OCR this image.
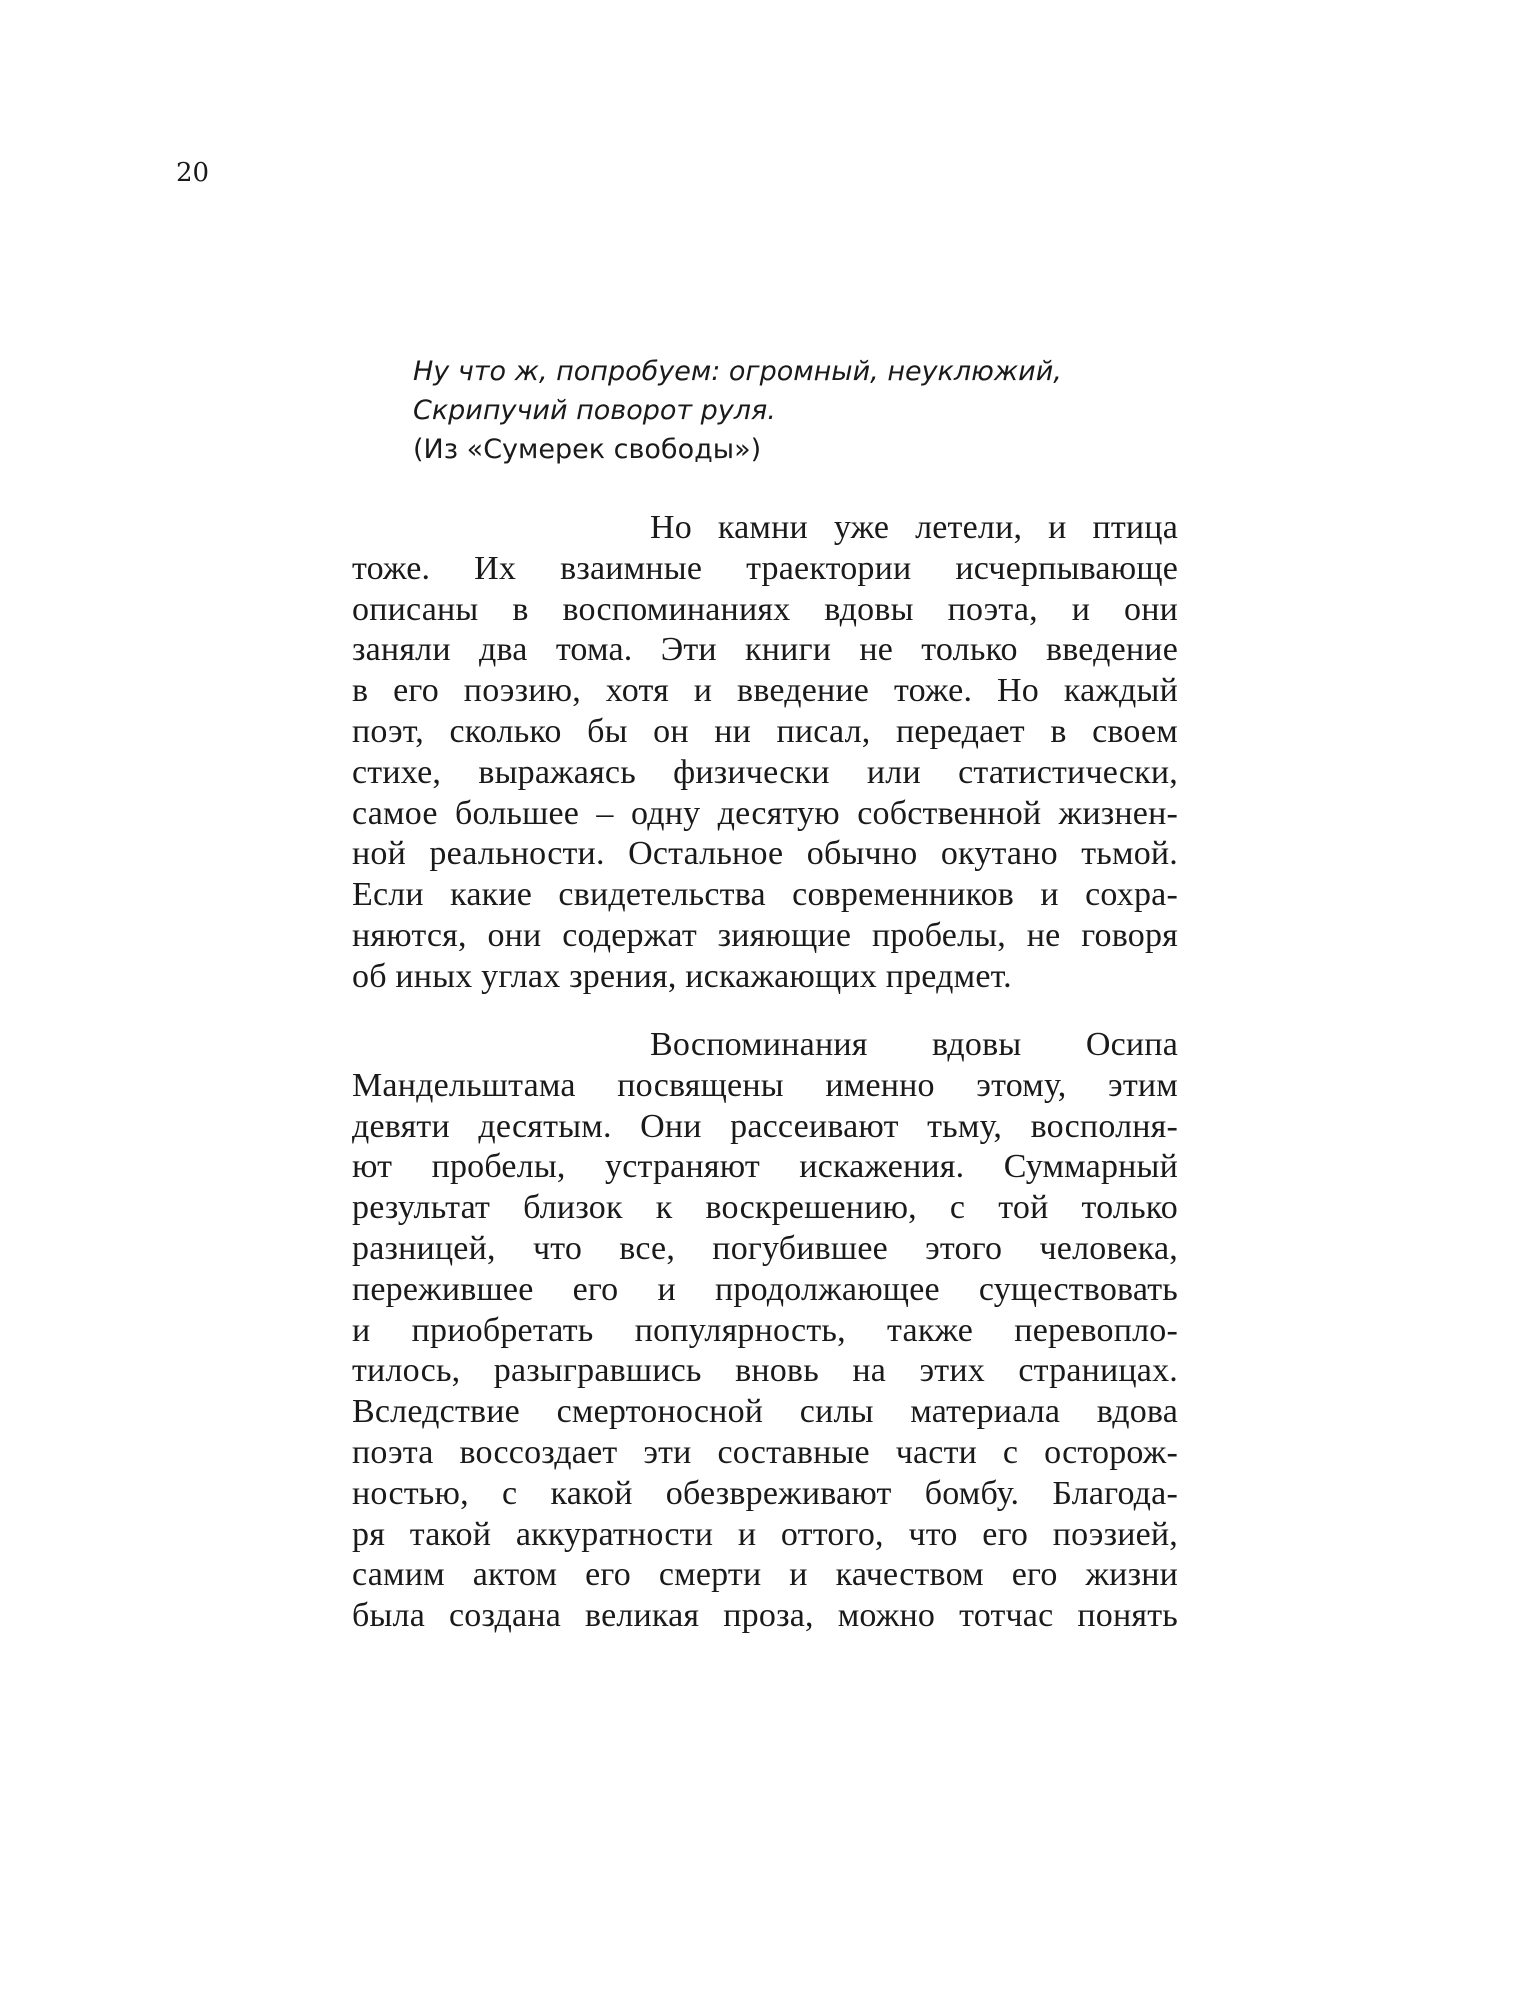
20
Ну что ж, попробуем: огромный, неуклюжий,
Скрипучий поворот руля.
(Из «Сумерек свободы»)
Но камни уже летели, и птица
тоже. Их взаимные траектории исчерпывающе
описаны в воспоминаниях вдовы поэта, и они
заняли два тома. Эти книги не только введение
в его поэзию, хотя и введение тоже. Но каждый
поэт, сколько бы он ни писал, передает в своем
стихе, выражаясь физически или статистически,
самое большее – одну десятую собственной жизнен-
ной реальности. Остальное обычно окутано тьмой.
Если какие свидетельства современников и сохра-
няются, они содержат зияющие пробелы, не говоря
об иных углах зрения, искажающих предмет.
Воспоминания вдовы Осипа
Мандельштама посвящены именно этому, этим
девяти десятым. Они рассеивают тьму, восполня-
ют пробелы, устраняют искажения. Суммарный
результат близок к воскрешению, с той только
разницей, что все, погубившее этого человека,
пережившее его и продолжающее существовать
и приобретать популярность, также перевопло-
тилось, разыгравшись вновь на этих страницах.
Вследствие смертоносной силы материала вдова
поэта воссоздает эти составные части с осторож-
ностью, с какой обезвреживают бомбу. Благода-
ря такой аккуратности и оттого, что его поэзией,
самим актом его смерти и качеством его жизни
была создана великая проза, можно тотчас понять
